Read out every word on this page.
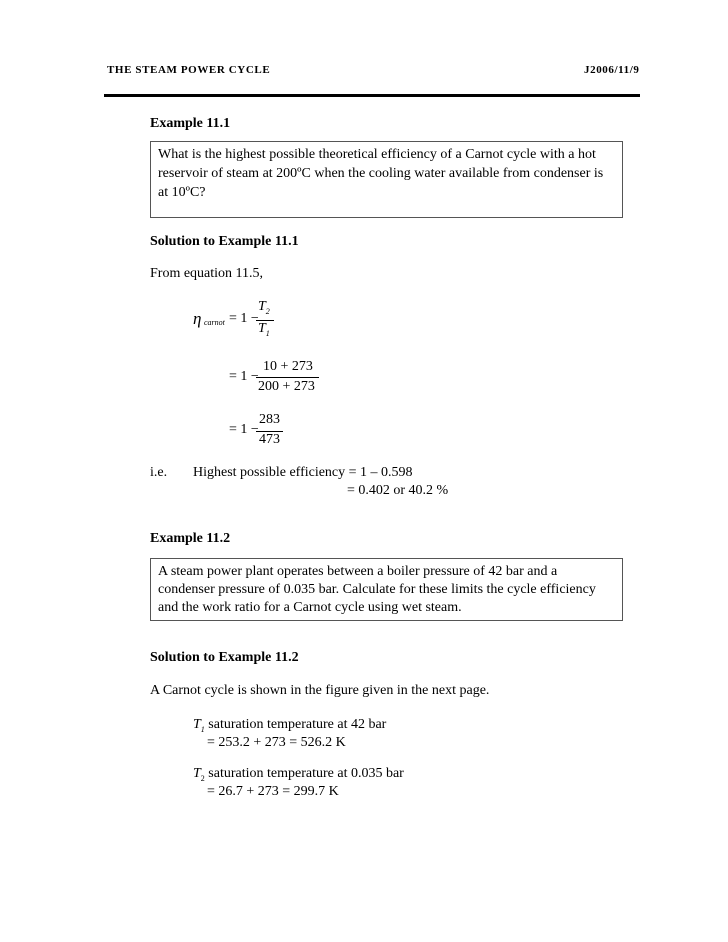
THE STEAM POWER CYCLE	J2006/11/9
Example 11.1
What is the highest possible theoretical efficiency of a Carnot cycle with a hot
reservoir of steam at 200ºC when the cooling water available from condenser is
at 10ºC?
Solution to Example 11.1
From equation 11.5,
η carnot = 1 −
$T_2$
$T_1$
= 1 −
10 + 273
200 + 273
= 1 −
283
473
i.e. Highest possible efficiency = 1 – 0.598
= 0.402 or 40.2 %
Example 11.2
A steam power plant operates between a boiler pressure of 42 bar and a
condenser pressure of 0.035 bar. Calculate for these limits the cycle efficiency
and the work ratio for a Carnot cycle using wet steam.
Solution to Example 11.2
A Carnot cycle is shown in the figure given in the next page.
$T_1$ saturation temperature at 42 bar
= 253.2 + 273 = 526.2 K
$T_2$ saturation temperature at 0.035 bar
= 26.7 + 273 = 299.7 K
